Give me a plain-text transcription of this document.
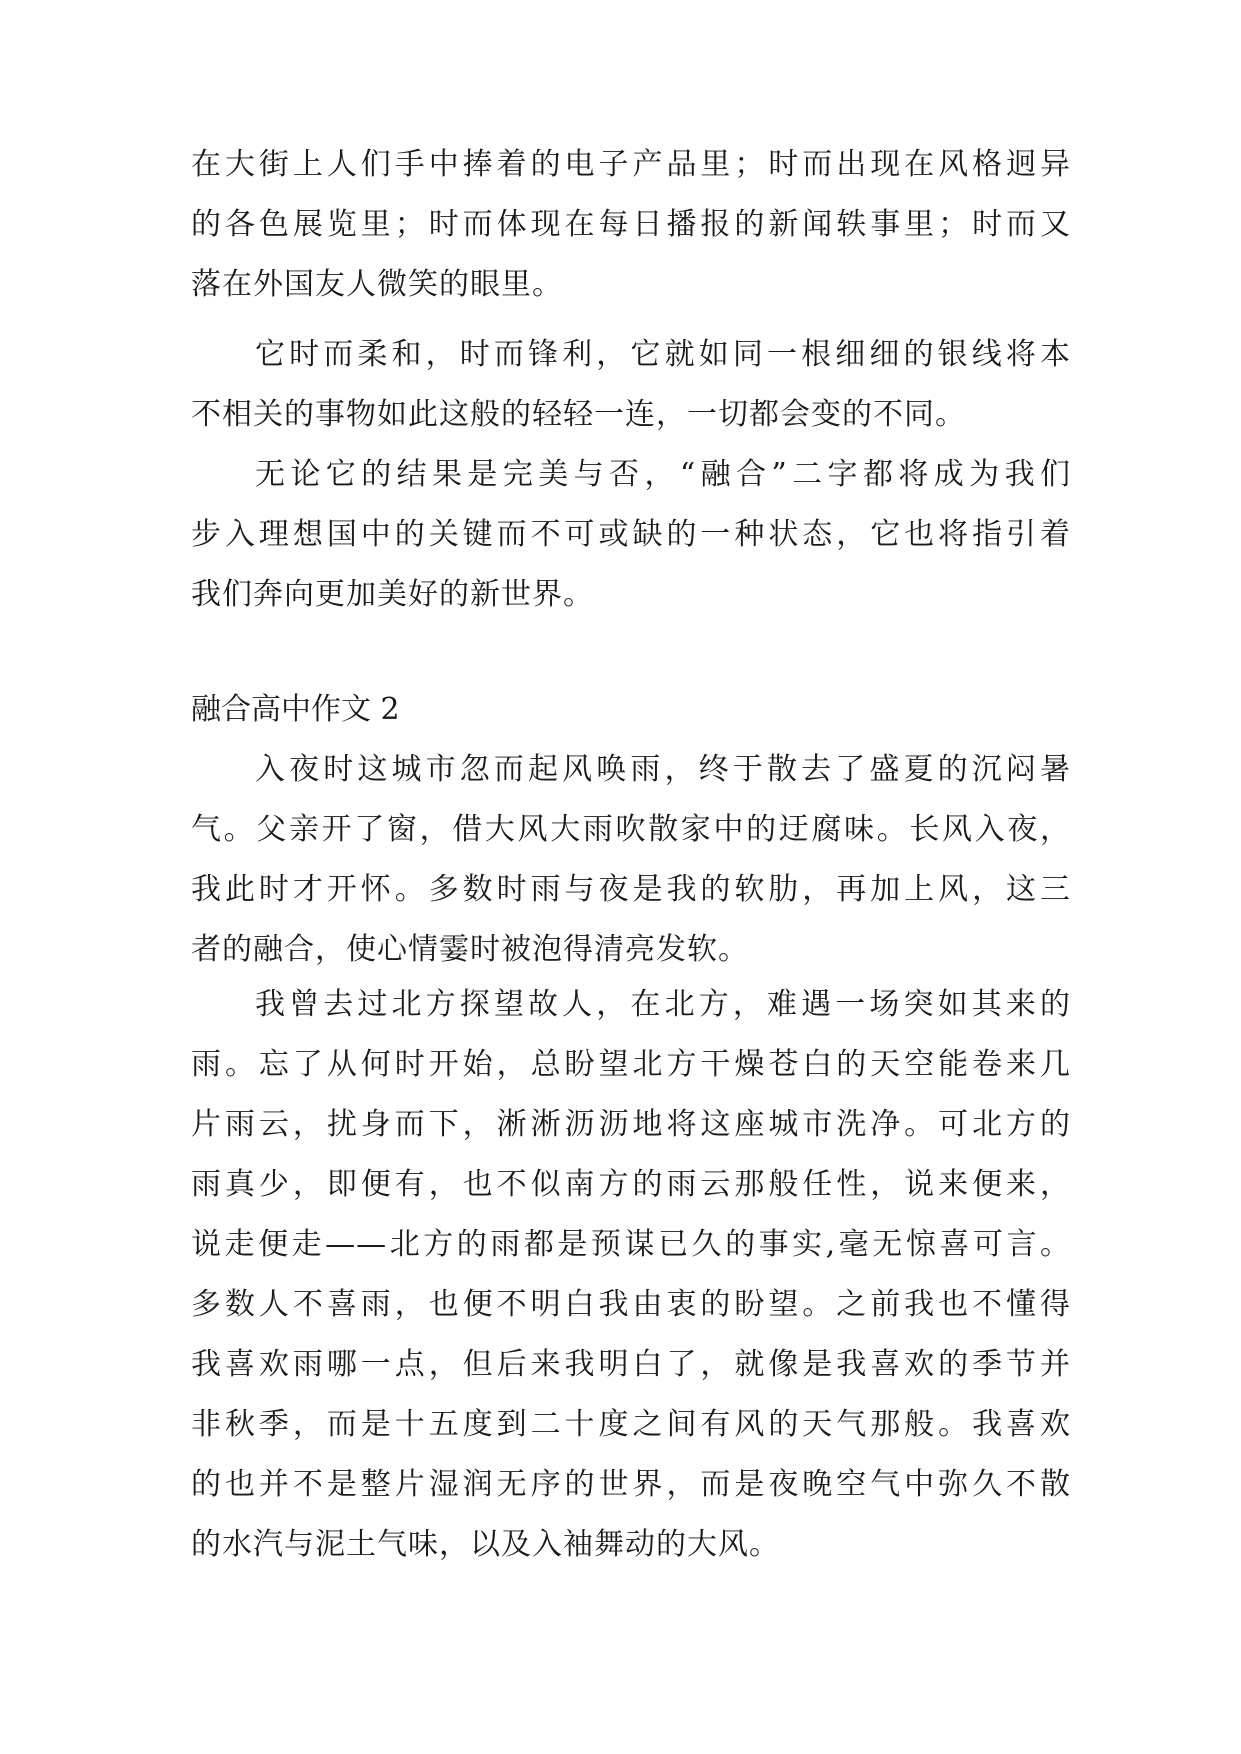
在大街上人们手中捧着的电子产品里；时而出现在风格迥异
的各色展览里；时而体现在每日播报的新闻轶事里；时而又
落在外国友人微笑的眼里。
它时而柔和，时而锋利，它就如同一根细细的银线将本
不相关的事物如此这般的轻轻一连，一切都会变的不同。
无论它的结果是完美与否，“融合”二字都将成为我们
步入理想国中的关键而不可或缺的一种状态，它也将指引着
我们奔向更加美好的新世界。
融合高中作文 2
入夜时这城市忽而起风唤雨，终于散去了盛夏的沉闷暑
气。父亲开了窗，借大风大雨吹散家中的迂腐味。长风入夜，
我此时才开怀。多数时雨与夜是我的软肋，再加上风，这三
者的融合，使心情霎时被泡得清亮发软。
我曾去过北方探望故人，在北方，难遇一场突如其来的
雨。忘了从何时开始，总盼望北方干燥苍白的天空能卷来几
片雨云，扰身而下，淅淅沥沥地将这座城市洗净。可北方的
雨真少，即便有，也不似南方的雨云那般任性，说来便来，
说走便走——北方的雨都是预谋已久的事实,毫无惊喜可言。
多数人不喜雨，也便不明白我由衷的盼望。之前我也不懂得
我喜欢雨哪一点，但后来我明白了，就像是我喜欢的季节并
非秋季，而是十五度到二十度之间有风的天气那般。我喜欢
的也并不是整片湿润无序的世界，而是夜晚空气中弥久不散
的水汽与泥土气味，以及入袖舞动的大风。
